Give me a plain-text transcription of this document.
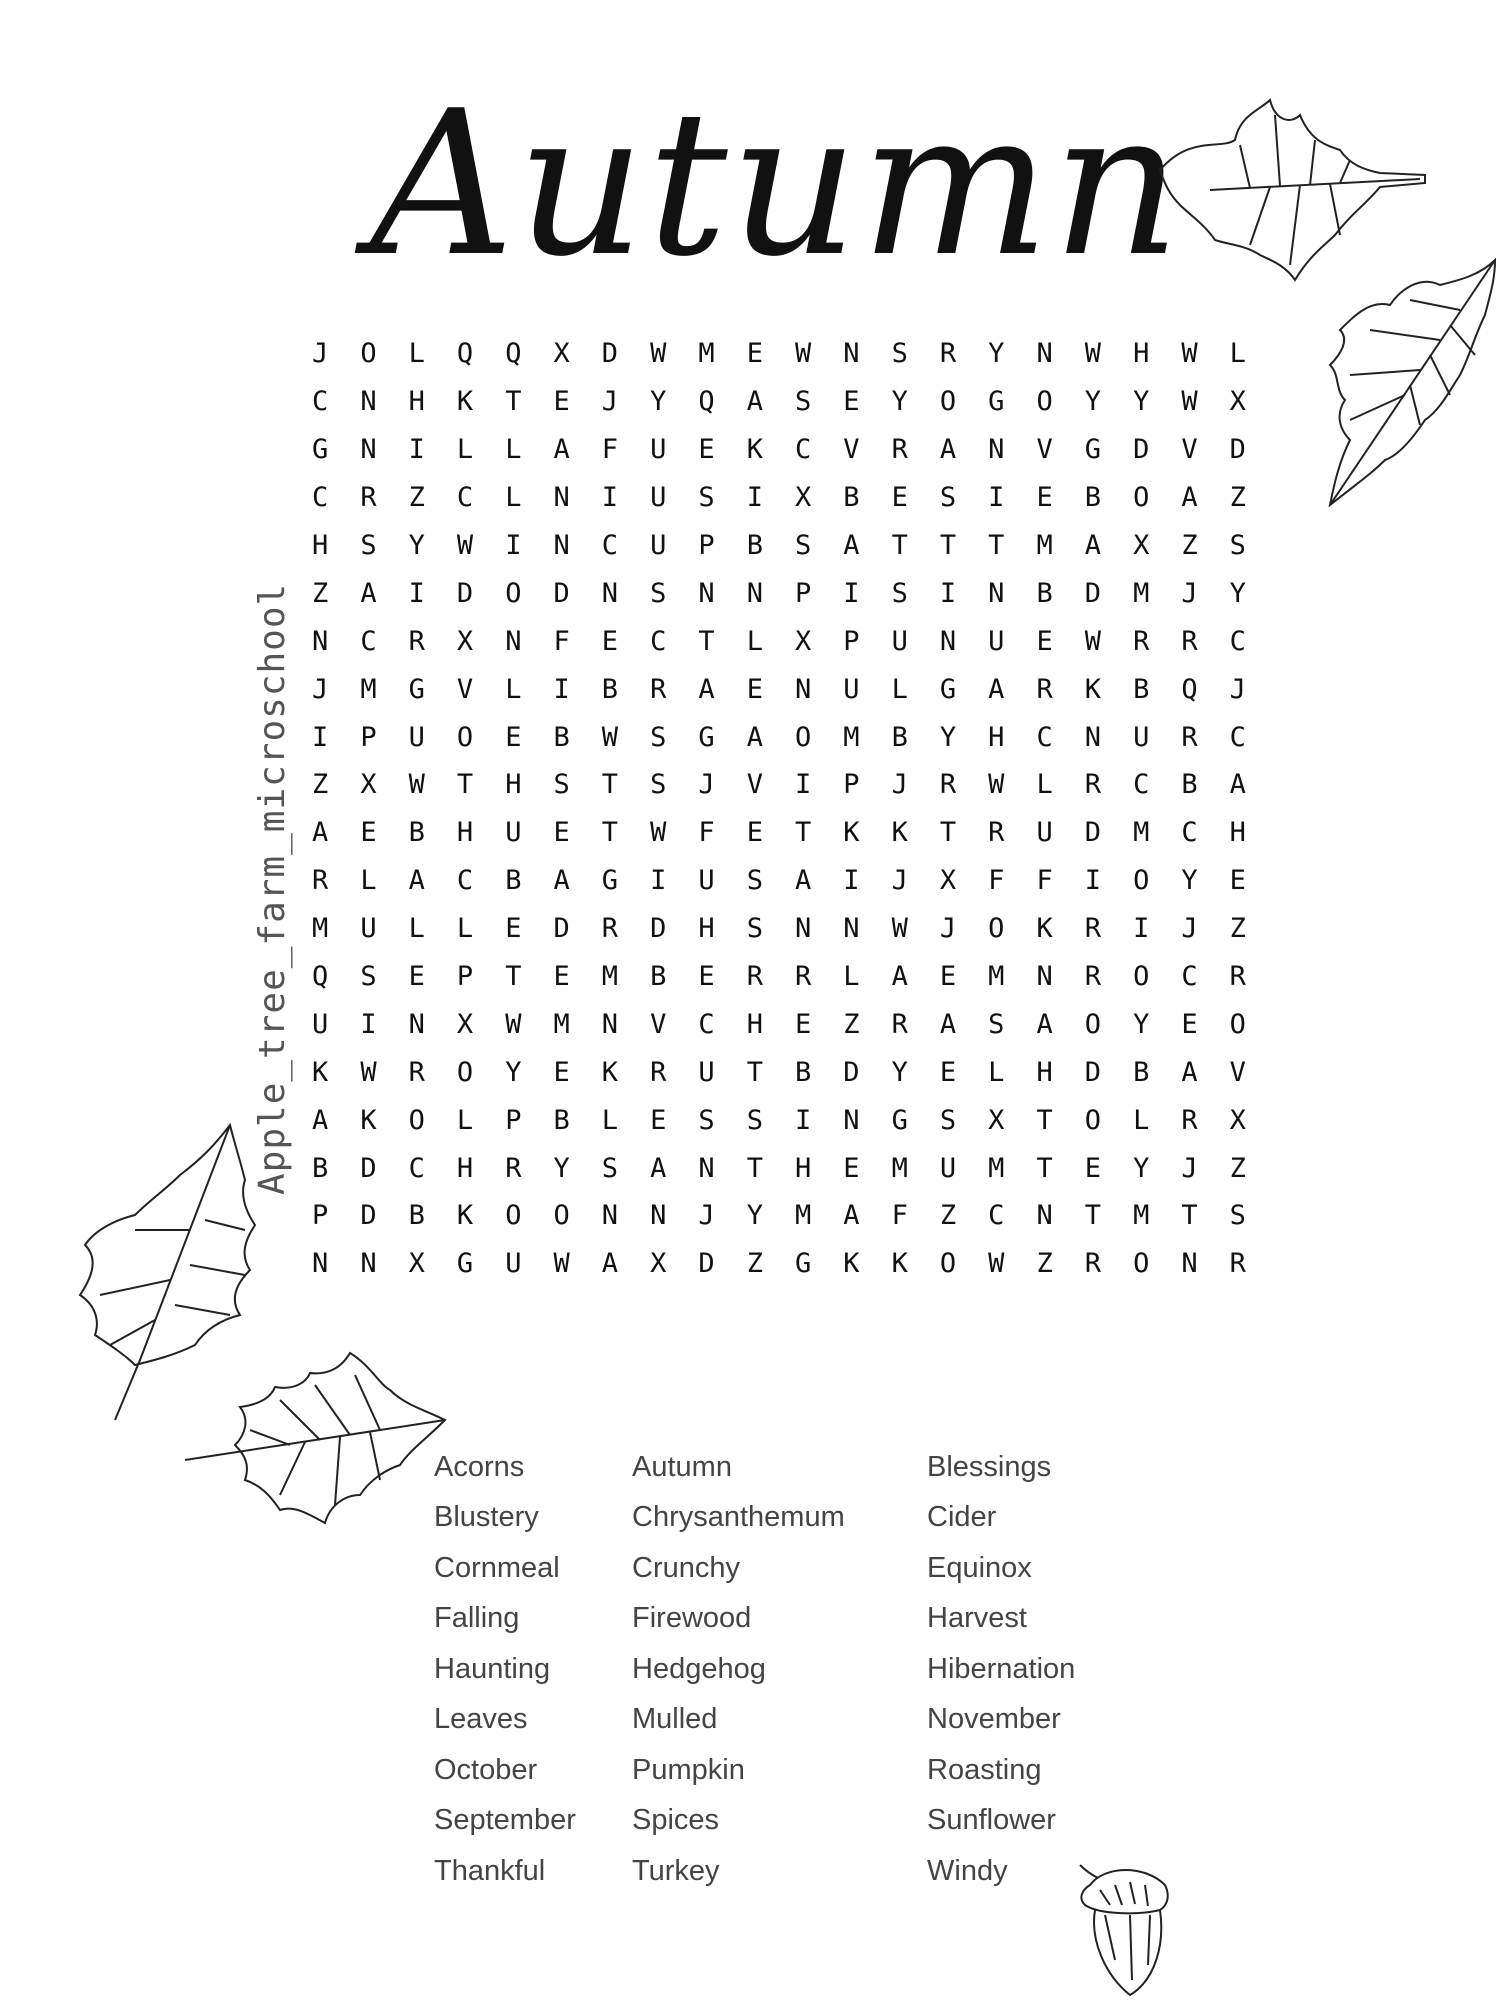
Autumn
Apple_tree_farm_microschool
J	O	L	Q	Q	X	D	W	M	E	W	N	S	R	Y	N	W	H	W	L
C	N	H	K	T	E	J	Y	Q	A	S	E	Y	O	G	O	Y	Y	W	X
G	N	I	L	L	A	F	U	E	K	C	V	R	A	N	V	G	D	V	D
C	R	Z	C	L	N	I	U	S	I	X	B	E	S	I	E	B	O	A	Z
H	S	Y	W	I	N	C	U	P	B	S	A	T	T	T	M	A	X	Z	S
Z	A	I	D	O	D	N	S	N	N	P	I	S	I	N	B	D	M	J	Y
N	C	R	X	N	F	E	C	T	L	X	P	U	N	U	E	W	R	R	C
J	M	G	V	L	I	B	R	A	E	N	U	L	G	A	R	K	B	Q	J
I	P	U	O	E	B	W	S	G	A	O	M	B	Y	H	C	N	U	R	C
Z	X	W	T	H	S	T	S	J	V	I	P	J	R	W	L	R	C	B	A
A	E	B	H	U	E	T	W	F	E	T	K	K	T	R	U	D	M	C	H
R	L	A	C	B	A	G	I	U	S	A	I	J	X	F	F	I	O	Y	E
M	U	L	L	E	D	R	D	H	S	N	N	W	J	O	K	R	I	J	Z
Q	S	E	P	T	E	M	B	E	R	R	L	A	E	M	N	R	O	C	R
U	I	N	X	W	M	N	V	C	H	E	Z	R	A	S	A	O	Y	E	O
K	W	R	O	Y	E	K	R	U	T	B	D	Y	E	L	H	D	B	A	V
A	K	O	L	P	B	L	E	S	S	I	N	G	S	X	T	O	L	R	X
B	D	C	H	R	Y	S	A	N	T	H	E	M	U	M	T	E	Y	J	Z
P	D	B	K	O	O	N	N	J	Y	M	A	F	Z	C	N	T	M	T	S
N	N	X	G	U	W	A	X	D	Z	G	K	K	O	W	Z	R	O	N	R
Acorns	Autumn	Blessings
Blustery	Chrysanthemum	Cider
Cornmeal	Crunchy	Equinox
Falling	Firewood	Harvest
Haunting	Hedgehog	Hibernation
Leaves	Mulled	November
October	Pumpkin	Roasting
September	Spices	Sunflower
Thankful	Turkey	Windy
